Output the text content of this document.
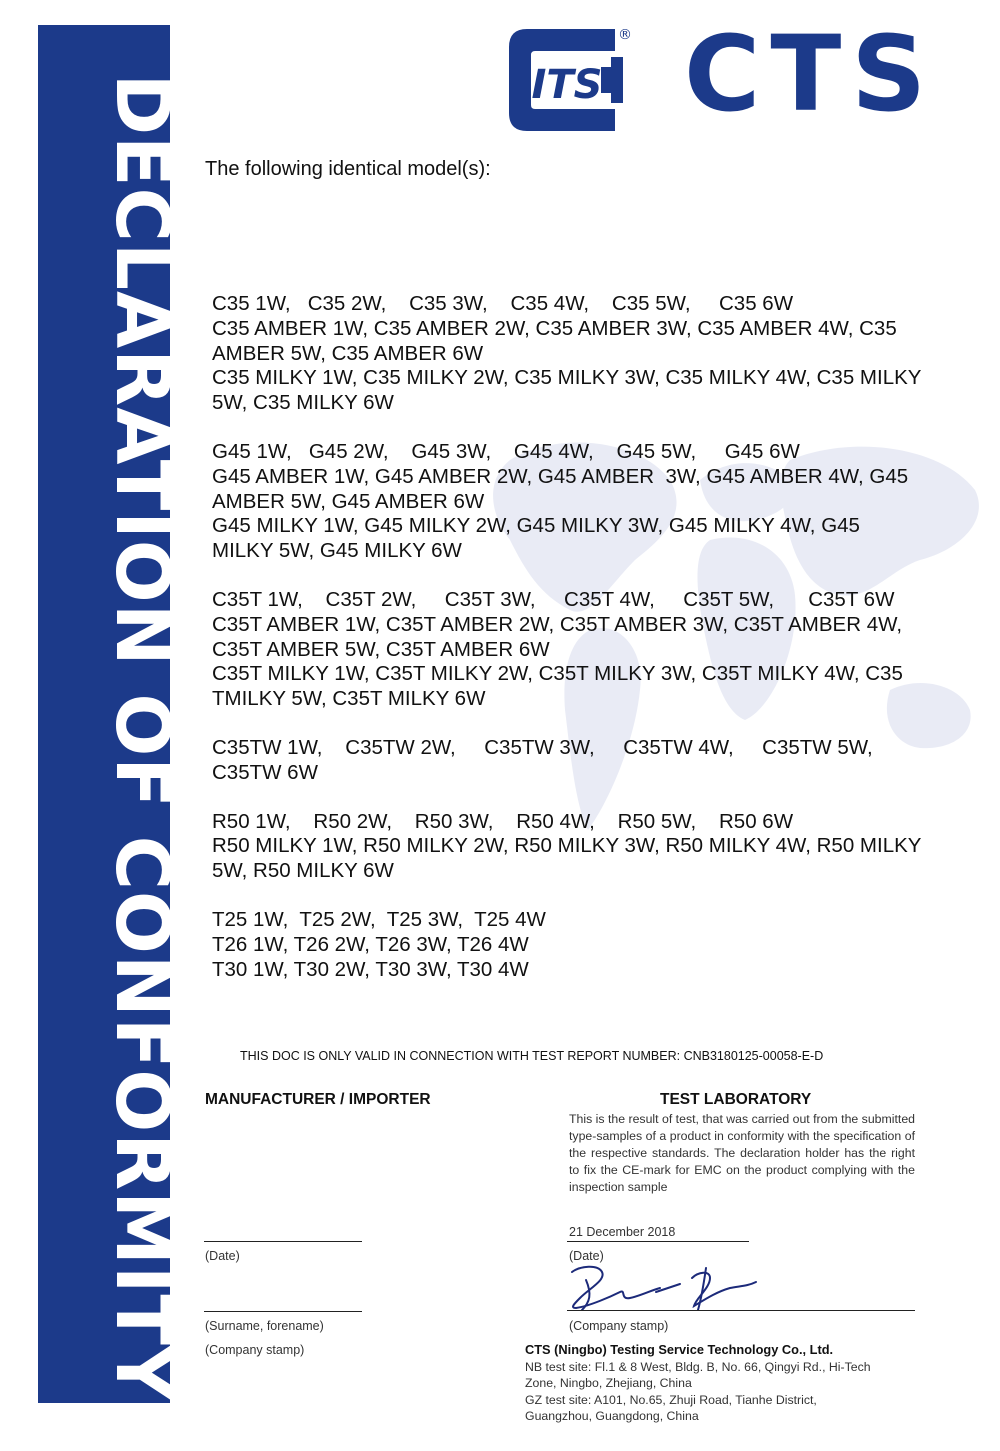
DECLARATION OF CONFORMITY	ITS
® CTS
The following identical model(s):
C35 1W,   C35 2W,    C35 3W,    C35 4W,    C35 5W,     C35 6W
C35 AMBER 1W, C35 AMBER 2W, C35 AMBER 3W, C35 AMBER 4W, C35
AMBER 5W, C35 AMBER 6W
C35 MILKY 1W, C35 MILKY 2W, C35 MILKY 3W, C35 MILKY 4W, C35 MILKY
5W, C35 MILKY 6W
G45 1W,   G45 2W,    G45 3W,    G45 4W,    G45 5W,     G45 6W
G45 AMBER 1W, G45 AMBER 2W, G45 AMBER  3W, G45 AMBER 4W, G45
AMBER 5W, G45 AMBER 6W
G45 MILKY 1W, G45 MILKY 2W, G45 MILKY 3W, G45 MILKY 4W, G45
MILKY 5W, G45 MILKY 6W
C35T 1W,    C35T 2W,     C35T 3W,     C35T 4W,     C35T 5W,      C35T 6W
C35T AMBER 1W, C35T AMBER 2W, C35T AMBER 3W, C35T AMBER 4W,
C35T AMBER 5W, C35T AMBER 6W
C35T MILKY 1W, C35T MILKY 2W, C35T MILKY 3W, C35T MILKY 4W, C35
TMILKY 5W, C35T MILKY 6W
C35TW 1W,    C35TW 2W,     C35TW 3W,     C35TW 4W,     C35TW 5W,
C35TW 6W
R50 1W,    R50 2W,    R50 3W,    R50 4W,    R50 5W,    R50 6W
R50 MILKY 1W, R50 MILKY 2W, R50 MILKY 3W, R50 MILKY 4W, R50 MILKY
5W, R50 MILKY 6W
T25 1W,  T25 2W,  T25 3W,  T25 4W
T26 1W, T26 2W, T26 3W, T26 4W
T30 1W, T30 2W, T30 3W, T30 4W
THIS DOC IS ONLY VALID IN CONNECTION WITH TEST REPORT NUMBER: CNB3180125-00058-E-D
MANUFACTURER / IMPORTER	TEST LABORATORY
This is the result of test, that was carried out from the submitted type-samples of a product in conformity with the specification of the respective standards. The declaration holder has the right to fix the CE-mark for EMC on the product complying with the inspection sample
(Date)
(Surname, forename)
(Company stamp)
21 December 2018
(Date)
(Company stamp)
CTS (Ningbo) Testing Service Technology Co., Ltd.
NB test site: Fl.1 & 8 West, Bldg. B, No. 66, Qingyi Rd., Hi-Tech
Zone, Ningbo, Zhejiang, China
GZ test site: A101, No.65, Zhuji Road, Tianhe District,
Guangzhou, Guangdong, China
